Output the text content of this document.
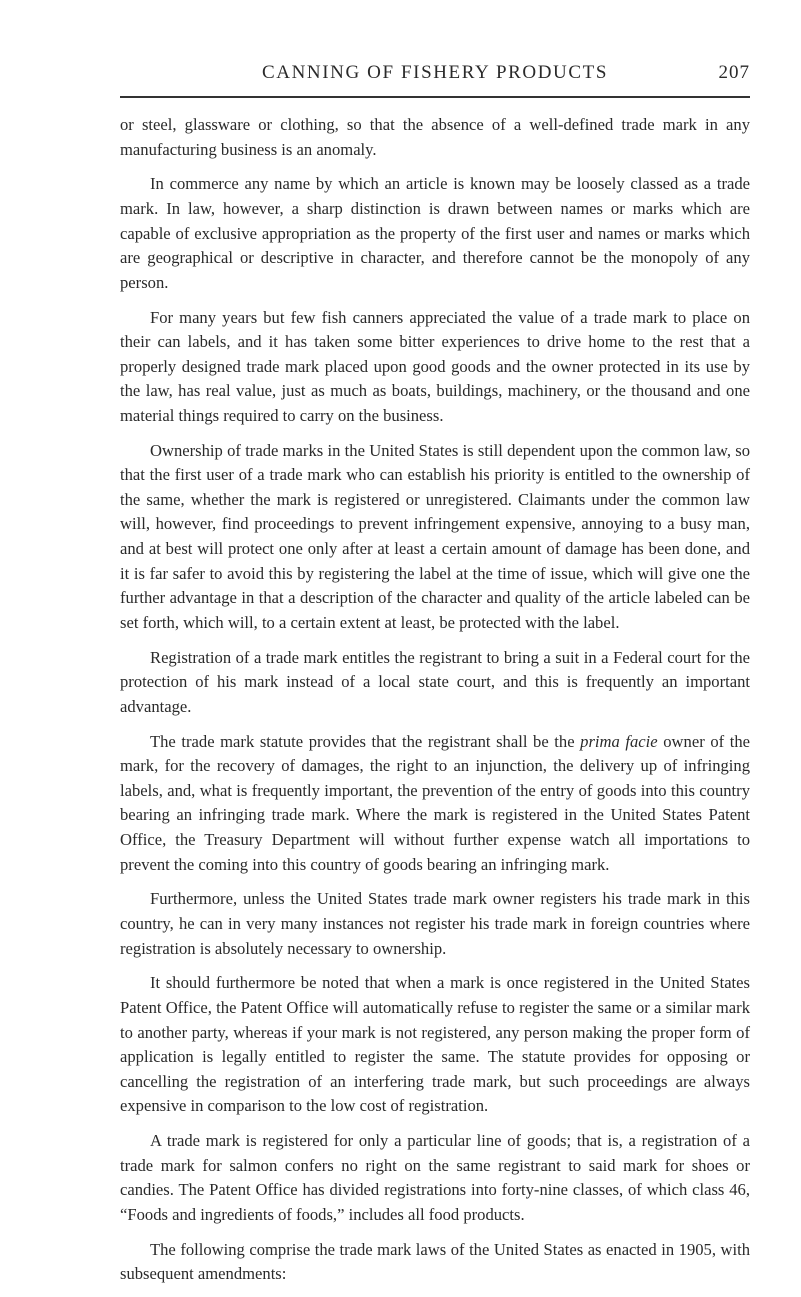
CANNING OF FISHERY PRODUCTS	207

or steel, glassware or clothing, so that the absence of a well-defined trade mark in any manufacturing business is an anomaly.

In commerce any name by which an article is known may be loosely classed as a trade mark. In law, however, a sharp distinction is drawn between names or marks which are capable of exclusive appropriation as the property of the first user and names or marks which are geographical or descriptive in character, and therefore cannot be the monopoly of any person.

For many years but few fish canners appreciated the value of a trade mark to place on their can labels, and it has taken some bitter experiences to drive home to the rest that a properly designed trade mark placed upon good goods and the owner protected in its use by the law, has real value, just as much as boats, buildings, machinery, or the thousand and one material things required to carry on the business.

Ownership of trade marks in the United States is still dependent upon the common law, so that the first user of a trade mark who can establish his priority is entitled to the ownership of the same, whether the mark is registered or unregistered. Claimants under the common law will, however, find proceedings to prevent infringement expensive, annoying to a busy man, and at best will protect one only after at least a certain amount of damage has been done, and it is far safer to avoid this by registering the label at the time of issue, which will give one the further advantage in that a description of the character and quality of the article labeled can be set forth, which will, to a certain extent at least, be protected with the label.

Registration of a trade mark entitles the registrant to bring a suit in a Federal court for the protection of his mark instead of a local state court, and this is frequently an important advantage.

The trade mark statute provides that the registrant shall be the prima facie owner of the mark, for the recovery of damages, the right to an injunction, the delivery up of infringing labels, and, what is frequently important, the prevention of the entry of goods into this country bearing an infringing trade mark. Where the mark is registered in the United States Patent Office, the Treasury Department will without further expense watch all importations to prevent the coming into this country of goods bearing an infringing mark.

Furthermore, unless the United States trade mark owner registers his trade mark in this country, he can in very many instances not register his trade mark in foreign countries where registration is absolutely necessary to ownership.

It should furthermore be noted that when a mark is once registered in the United States Patent Office, the Patent Office will automatically refuse to register the same or a similar mark to another party, whereas if your mark is not registered, any person making the proper form of application is legally entitled to register the same. The statute provides for opposing or cancelling the registration of an interfering trade mark, but such proceedings are always expensive in comparison to the low cost of registration.

A trade mark is registered for only a particular line of goods; that is, a registration of a trade mark for salmon confers no right on the same registrant to said mark for shoes or candies. The Patent Office has divided registrations into forty-nine classes, of which class 46, “Foods and ingredients of foods,” includes all food products.

The following comprise the trade mark laws of the United States as enacted in 1905, with subsequent amendments:
